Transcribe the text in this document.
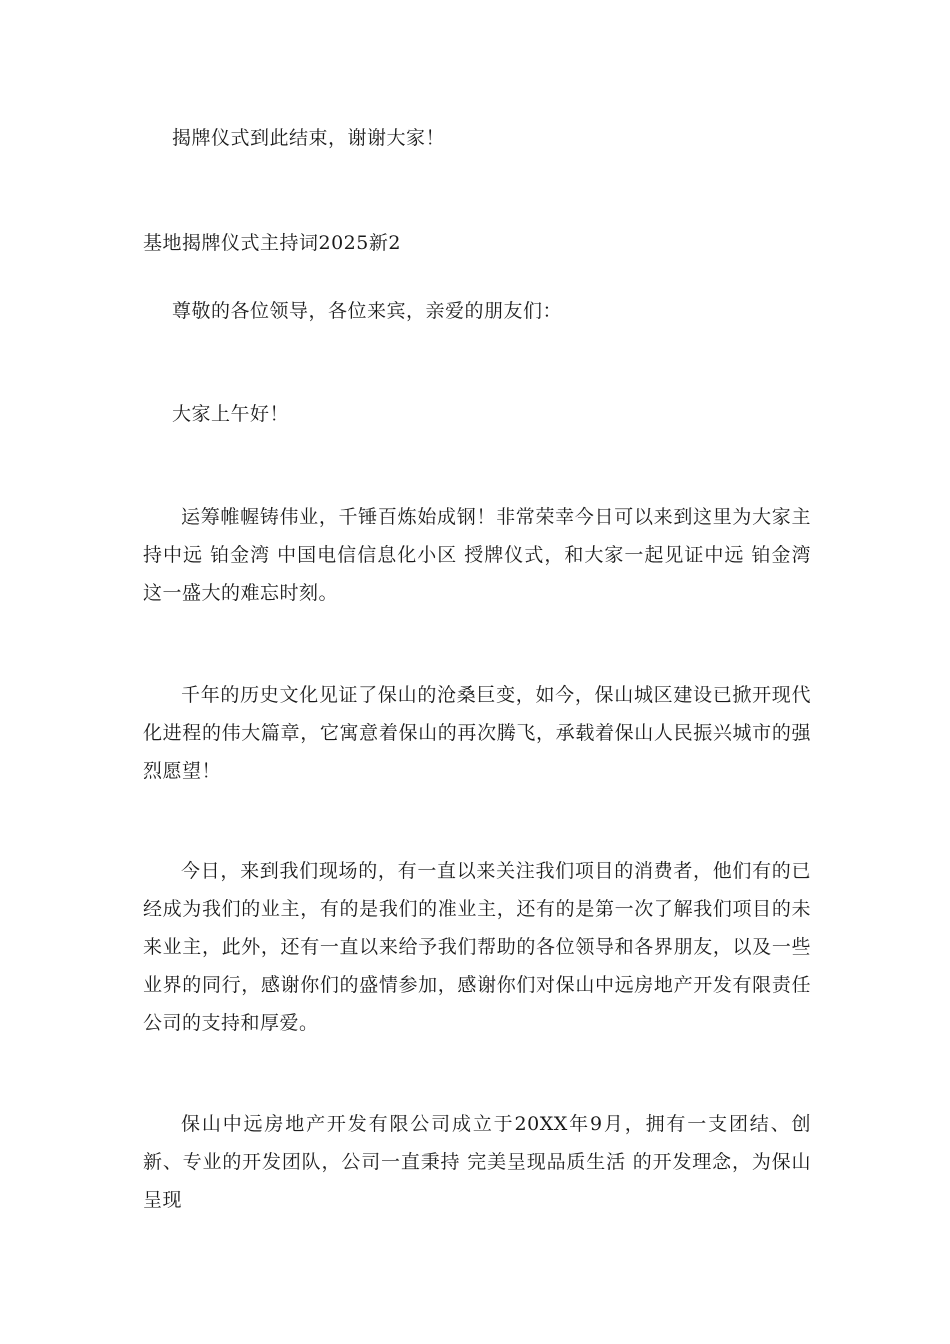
揭牌仪式到此结束，谢谢大家！
基地揭牌仪式主持词2025新2
尊敬的各位领导，各位来宾，亲爱的朋友们：
大家上午好！

运筹帷幄铸伟业，千锤百炼始成钢！非常荣幸今日可以来到这里为大家主持中远 铂金湾 中国电信信息化小区 授牌仪式，和大家一起见证中远 铂金湾这一盛大的难忘时刻。

千年的历史文化见证了保山的沧桑巨变，如今，保山城区建设已掀开现代化进程的伟大篇章，它寓意着保山的再次腾飞，承载着保山人民振兴城市的强烈愿望！

今日，来到我们现场的，有一直以来关注我们项目的消费者，他们有的已经成为我们的业主，有的是我们的准业主，还有的是第一次了解我们项目的未来业主，此外，还有一直以来给予我们帮助的各位领导和各界朋友，以及一些业界的同行，感谢你们的盛情参加，感谢你们对保山中远房地产开发有限责任公司的支持和厚爱。

保山中远房地产开发有限公司成立于20XX年9月，拥有一支团结、创新、专业的开发团队，公司一直秉持 完美呈现品质生活 的开发理念，为保山呈现
